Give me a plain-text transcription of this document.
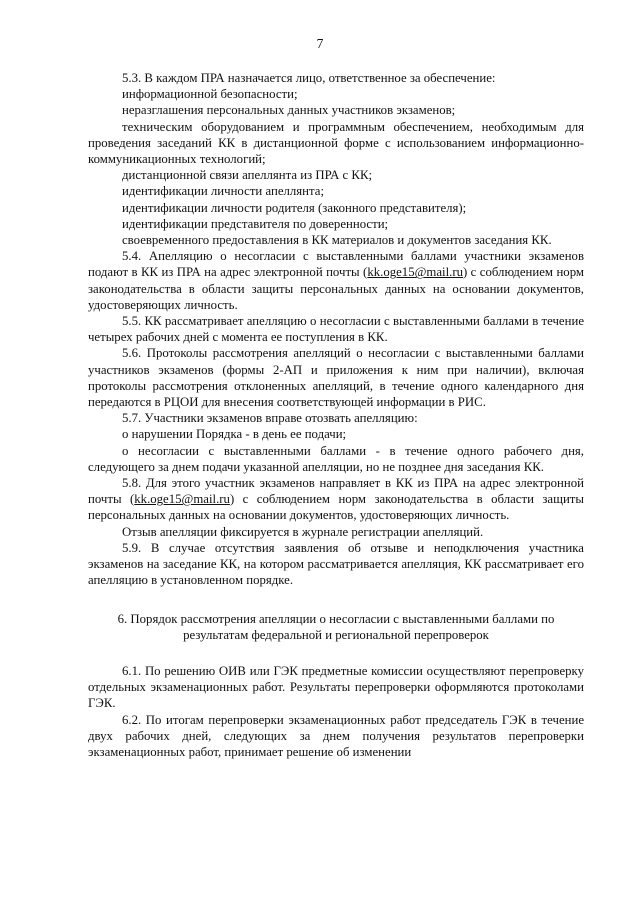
7

5.3. В каждом ПРА назначается лицо, ответственное за обеспечение:

информационной безопасности;

неразглашения персональных данных участников экзаменов;

техническим оборудованием и программным обеспечением, необходимым для проведения заседаний КК в дистанционной форме с использованием информационно-коммуникационных технологий;

дистанционной связи апеллянта из ПРА с КК;

идентификации личности апеллянта;

идентификации личности родителя (законного представителя);

идентификации представителя по доверенности;

своевременного предоставления в КК материалов и документов заседания КК.

5.4. Апелляцию о несогласии с выставленными баллами участники экзаменов подают в КК из ПРА на адрес электронной почты (kk.oge15@mail.ru) с соблюдением норм законодательства в области защиты персональных данных на основании документов, удостоверяющих личность.

5.5. КК рассматривает апелляцию о несогласии с выставленными баллами в течение четырех рабочих дней с момента ее поступления в КК.

5.6. Протоколы рассмотрения апелляций о несогласии с выставленными баллами участников экзаменов (формы 2-АП и приложения к ним при наличии), включая протоколы рассмотрения отклоненных апелляций, в течение одного календарного дня передаются в РЦОИ для внесения соответствующей информации в РИС.

5.7. Участники экзаменов вправе отозвать апелляцию:

о нарушении Порядка - в день ее подачи;

о несогласии с выставленными баллами - в течение одного рабочего дня, следующего за днем подачи указанной апелляции, но не позднее дня заседания КК.

5.8. Для этого участник экзаменов направляет в КК из ПРА на адрес электронной почты (kk.oge15@mail.ru) с соблюдением норм законодательства в области защиты персональных данных на основании документов, удостоверяющих личность.

Отзыв апелляции фиксируется в журнале регистрации апелляций.

5.9. В случае отсутствия заявления об отзыве и неподключения участника экзаменов на заседание КК, на котором рассматривается апелляция, КК рассматривает его апелляцию в установленном порядке.

6. Порядок рассмотрения апелляции о несогласии с выставленными баллами по
результатам федеральной и региональной перепроверок

6.1. По решению ОИВ или ГЭК предметные комиссии осуществляют перепроверку отдельных экзаменационных работ. Результаты перепроверки оформляются протоколами ГЭК.

6.2. По итогам перепроверки экзаменационных работ председатель ГЭК в течение двух рабочих дней, следующих за днем получения результатов перепроверки экзаменационных работ, принимает решение об изменении
